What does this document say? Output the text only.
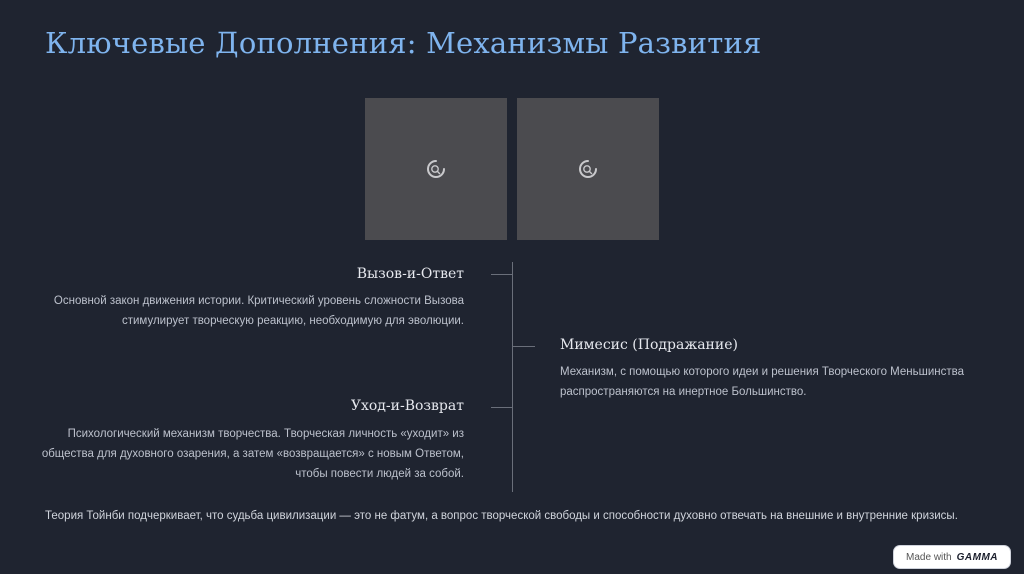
Ключевые Дополнения: Механизмы Развития
Вызов-и-Ответ

Основной закон движения истории. Критический уровень сложности Вызова стимулирует творческую реакцию, необходимую для эволюции.

Мимесис (Подражание)

Механизм, с помощью которого идеи и решения Творческого Меньшинства распространяются на инертное Большинство.

Уход-и-Возврат

Психологический механизм творчества. Творческая личность «уходит» из общества для духовного озарения, а затем «возвращается» с новым Ответом, чтобы повести людей за собой.

Теория Тойнби подчеркивает, что судьба цивилизации — это не фатум, а вопрос творческой свободы и способности духовно отвечать на внешние и внутренние кризисы.

Made with GAMMA
